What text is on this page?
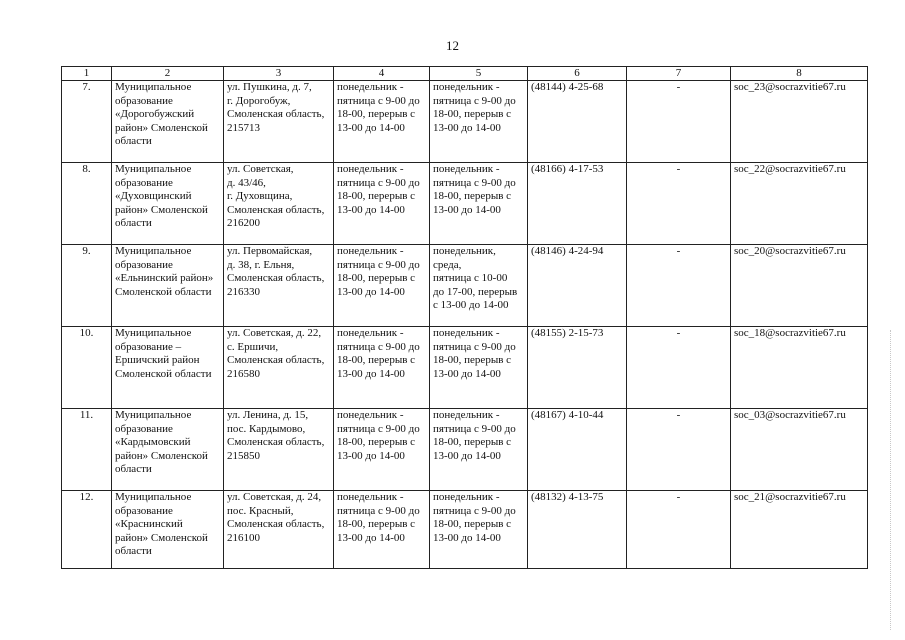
12
1	2	3	4	5	6	7	8
7.	Муниципальное
образование
«Дорогобужский
район» Смоленской
области	ул. Пушкина, д. 7,
г. Дорогобуж,
Смоленская область,
215713	понедельник -
пятница с 9-00 до
18-00, перерыв с
13-00 до 14-00	понедельник -
пятница с 9-00 до
18-00, перерыв с
13-00 до 14-00	(48144) 4-25-68	-	soc_23@socrazvitie67.ru
8.	Муниципальное
образование
«Духовщинский
район» Смоленской
области	ул. Советская,
д. 43/46,
г. Духовщина,
Смоленская область,
216200	понедельник -
пятница с 9-00 до
18-00, перерыв с
13-00 до 14-00	понедельник -
пятница с 9-00 до
18-00, перерыв с
13-00 до 14-00	(48166) 4-17-53	-	soc_22@socrazvitie67.ru
9.	Муниципальное
образование
«Ельнинский район»
Смоленской области	ул. Первомайская,
д. 38, г. Ельня,
Смоленская область,
216330	понедельник -
пятница с 9-00 до
18-00, перерыв с
13-00 до 14-00	понедельник,
среда,
пятница с 10-00
до 17-00, перерыв
с 13-00 до 14-00	(48146) 4-24-94	-	soc_20@socrazvitie67.ru
10.	Муниципальное
образование –
Ершичский район
Смоленской области	ул. Советская, д. 22,
с. Ершичи,
Смоленская область,
216580	понедельник -
пятница с 9-00 до
18-00, перерыв с
13-00 до 14-00	понедельник -
пятница с 9-00 до
18-00, перерыв с
13-00 до 14-00	(48155) 2-15-73	-	soc_18@socrazvitie67.ru
11.	Муниципальное
образование
«Кардымовский
район» Смоленской
области	ул. Ленина, д. 15,
пос. Кардымово,
Смоленская область,
215850	понедельник -
пятница с 9-00 до
18-00, перерыв с
13-00 до 14-00	понедельник -
пятница с 9-00 до
18-00, перерыв с
13-00 до 14-00	(48167) 4-10-44	-	soc_03@socrazvitie67.ru
12.	Муниципальное
образование
«Краснинский
район» Смоленской
области	ул. Советская, д. 24,
пос. Красный,
Смоленская область,
216100	понедельник -
пятница с 9-00 до
18-00, перерыв с
13-00 до 14-00	понедельник -
пятница с 9-00 до
18-00, перерыв с
13-00 до 14-00	(48132) 4-13-75	-	soc_21@socrazvitie67.ru
